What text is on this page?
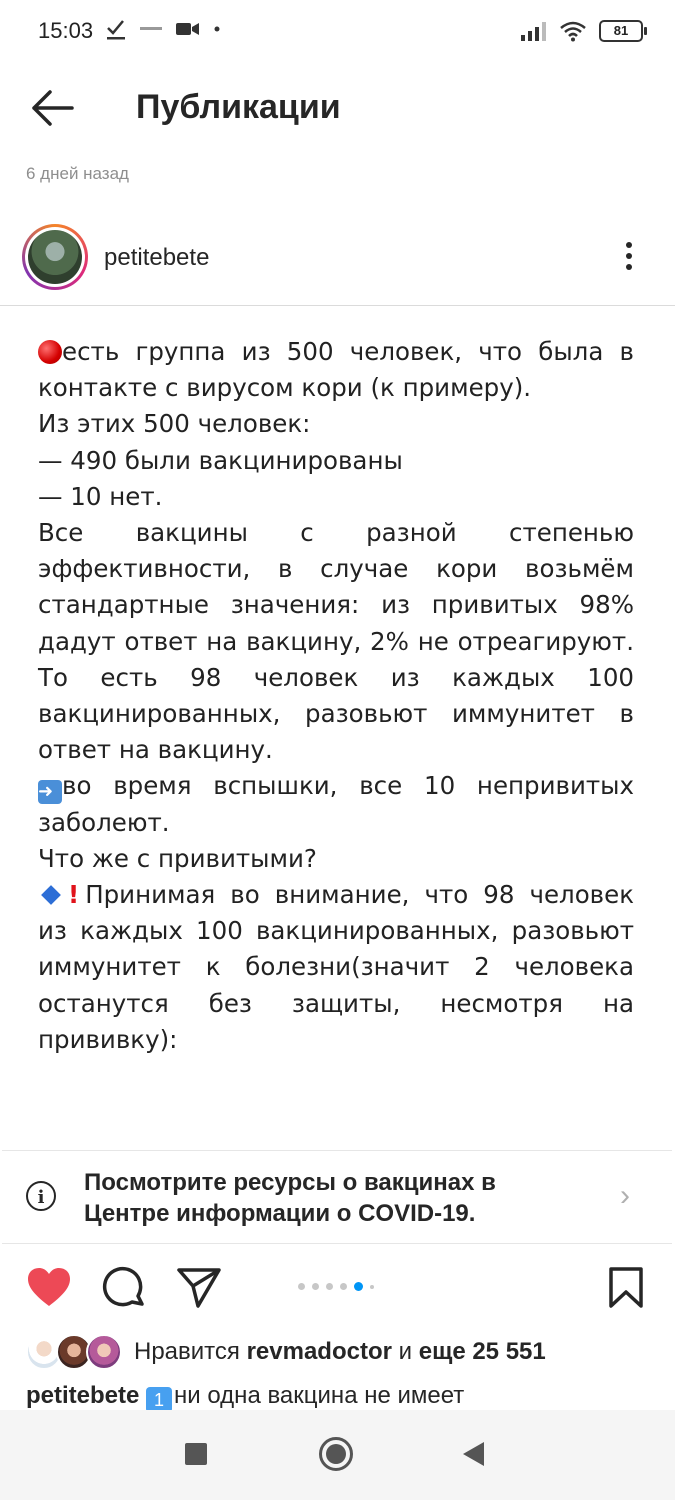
15:03	81
Публикации
6 дней назад
petitebete
есть группа из 500 человек, что была в
контакте с вирусом кори (к примеру).
Из этих 500 человек:
— 490 были вакцинированы
— 10 нет.
Все вакцины с разной степенью
эффективности, в случае кори возьмём
стандартные значения: из привитых 98%
дадут ответ на вакцину, 2% не отреагируют.
То есть 98 человек из каждых 100
вакцинированных, разовьют иммунитет в
ответ на вакцину.
➜ во время вспышки, все 10 непривитых
заболеют.
Что же с привитыми?
! Принимая во внимание, что 98 человек
из каждых 100 вакцинированных, разовьют
иммунитет к болезни(значит 2 человека
останутся без защиты, несмотря на
прививку):
i
Посмотрите ресурсы о вакцинах в
Центре информации о COVID-19.
›
Нравится revmadoctor и еще 25 551
petitebete 1 ни одна вакцина не имеет
